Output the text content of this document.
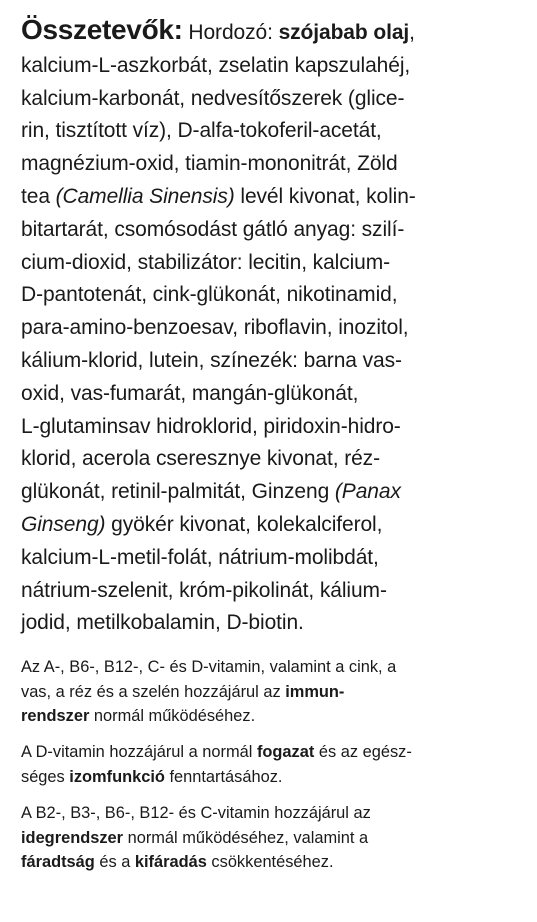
Összetevők: Hordozó: szójabab olaj,
kalcium-L-aszkorbát, zselatin kapszulahéj,
kalcium-karbonát, nedvesítőszerek (glice-
rin, tisztított víz), D-alfa-tokoferil-acetát,
magnézium-oxid, tiamin-mononitrát, Zöld
tea (Camellia Sinensis) levél kivonat, kolin-
bitartarát, csomósodást gátló anyag: szilí-
cium-dioxid, stabilizátor: lecitin, kalcium-
D-pantotenát, cink-glükonát, nikotinamid,
para-amino-benzoesav, riboflavin, inozitol,
kálium-klorid, lutein, színezék: barna vas-
oxid, vas-fumarát, mangán-glükonát,
L-glutaminsav hidroklorid, piridoxin-hidro-
klorid, acerola cseresznye kivonat, réz-
glükonát, retinil-palmitát, Ginzeng (Panax
Ginseng) gyökér kivonat, kolekalciferol,
kalcium-L-metil-folát, nátrium-molibdát,
nátrium-szelenit, króm-pikolinát, kálium-
jodid, metilkobalamin, D-biotin.
Az A-, B6-, B12-, C- és D-vitamin, valamint a cink, a
vas, a réz és a szelén hozzájárul az immun-
rendszer normál működéséhez.
A D-vitamin hozzájárul a normál fogazat és az egész-
séges izomfunkció fenntartásához.
A B2-, B3-, B6-, B12- és C-vitamin hozzájárul az
idegrendszer normál működéséhez, valamint a
fáradtság és a kifáradás csökkentéséhez.
